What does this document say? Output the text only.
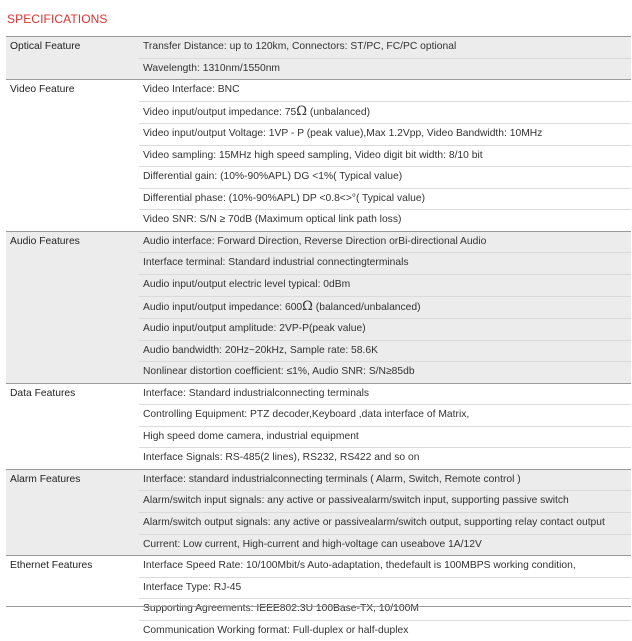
SPECIFICATIONS
Optical Feature	Transfer Distance: up to 120km, Connectors: ST/PC, FC/PC optional
	Wavelength: 1310nm/1550nm
Video Feature	Video Interface: BNC
	Video input/output impedance: 75Ω (unbalanced)
	Video input/output Voltage: 1VP - P (peak value),Max 1.2Vpp, Video Bandwidth: 10MHz
	Video sampling: 15MHz high speed sampling, Video digit bit width: 8/10 bit
	Differential gain: (10%-90%APL) DG <1%( Typical value)
	Differential phase: (10%-90%APL) DP <0.8<>°( Typical value)
	Video SNR: S/N ≥ 70dB (Maximum optical link path loss)
Audio Features	Audio interface: Forward Direction, Reverse Direction orBi-directional Audio
	Interface terminal: Standard industrial connectingterminals
	Audio input/output electric level typical: 0dBm
	Audio input/output impedance: 600Ω (balanced/unbalanced)
	Audio input/output amplitude: 2VP-P(peak value)
	Audio bandwidth: 20Hz~20kHz, Sample rate: 58.6K
	Nonlinear distortion coefficient: ≤1%, Audio SNR: S/N≥85db
Data Features	Interface: Standard industrialconnecting terminals
	Controlling Equipment: PTZ decoder,Keyboard ,data interface of Matrix,
	High speed dome camera, industrial equipment
	Interface Signals: RS-485(2 lines), RS232, RS422 and so on
Alarm Features	Interface: standard industrialconnecting terminals ( Alarm, Switch, Remote control )
	Alarm/switch input signals: any active or passivealarm/switch input, supporting passive switch
	Alarm/switch output signals: any active or passivealarm/switch output, supporting relay contact output
	Current: Low current, High-current and high-voltage can useabove 1A/12V
Ethernet Features	Interface Speed Rate: 10/100Mbit/s Auto-adaptation, thedefault is 100MBPS working condition,
	Interface Type: RJ-45
	Supporting Agreements: IEEE802.3U 100Base-TX, 10/100M
	Communication Working format: Full-duplex or half-duplex
